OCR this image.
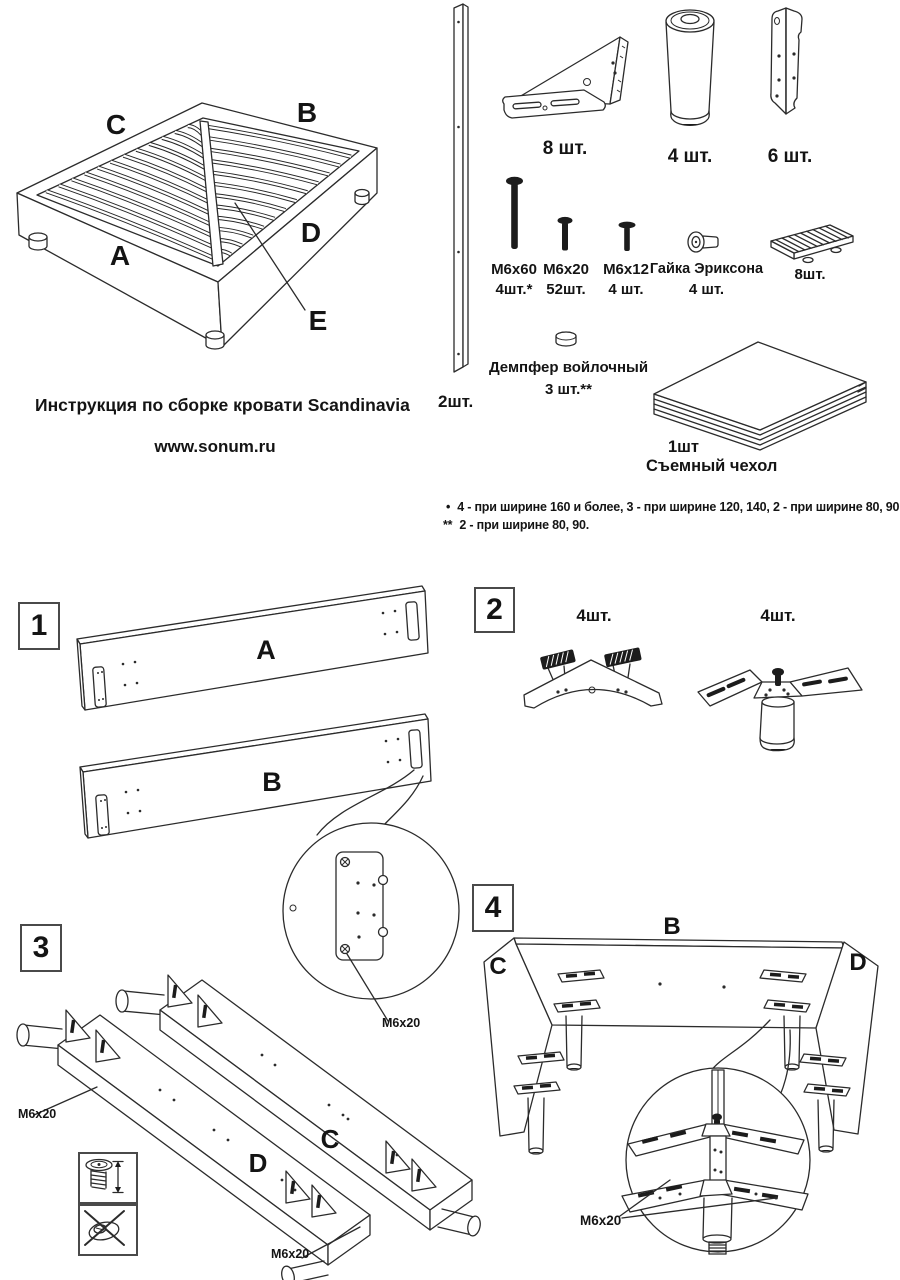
C	B
A
D
E
Инструкция по сборке кровати Scandinavia
www.sonum.ru
2шт.
8 шт.	4 шт.	6 шт.
M6x60
4шт.*
M6x20
52шт.
M6x12
4 шт.
Гайка Эриксона
4 шт.
8шт.
Демпфер войлочный
3 шт.**
1шт
Съемный чехол
• 4 - при ширине 160 и более, 3 - при ширине 120, 140, 2 - при ширине 80, 90
** 2 - при ширине 80, 90.
1
A
B
M6x20
2	4шт.	4шт.
3
C
D
M6x20
M6x20
4
B
C	D
M6x20
